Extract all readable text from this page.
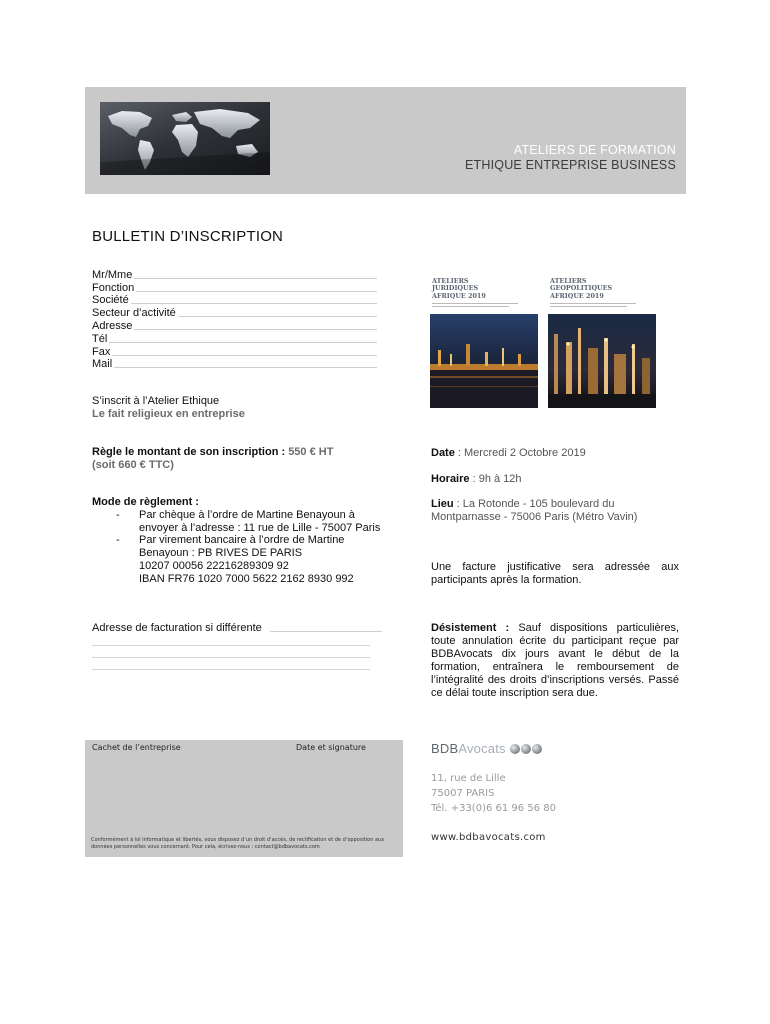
ATELIERS DE FORMATION
ETHIQUE ENTREPRISE BUSINESS
BULLETIN D’INSCRIPTION
Mr/Mme
Fonction
Société
Secteur d’activité
Adresse
Tél
Fax
Mail
ATELIERS
JURIDIQUES
AFRIQUE 2019
ATELIERS
GEOPOLITIQUES
AFRIQUE 2019
S’inscrit à l’Atelier Ethique
Le fait religieux en entreprise
Règle le montant de son inscription : 550 € HT
(soit 660 € TTC)
Mode de règlement :
- Par chèque à l’ordre de Martine Benayoun à
envoyer à l’adresse : 11 rue de Lille - 75007 Paris
- Par virement bancaire à l’ordre de Martine
Benayoun : PB RIVES DE PARIS
10207 00056 22216289309 92
IBAN FR76 1020 7000 5622 2162 8930 992
Adresse de facturation si différente
Date : Mercredi 2 Octobre 2019
Horaire : 9h à 12h
Lieu : La Rotonde - 105 boulevard du Montparnasse - 75006 Paris (Métro Vavin)
Une facture justificative sera adressée aux participants après la formation.
Désistement : Sauf dispositions particulières, toute annulation écrite du participant reçue par BDBAvocats dix jours avant le début de la formation, entraînera le remboursement de l’intégralité des droits d’inscriptions versés. Passé ce délai toute inscription sera due.
Cachet de l’entreprise	Date et signature
Conformément à loi informatique et libertés, vous disposez d’un droit d’accès, de rectification et de d’opposition aux données personnelles vous concernant. Pour cela, écrivez-nous : contact@bdbavocats.com
BDB Avocats
11, rue de Lille
75007 PARIS
Tél. +33(0)6 61 96 56 80
www.bdbavocats.com
